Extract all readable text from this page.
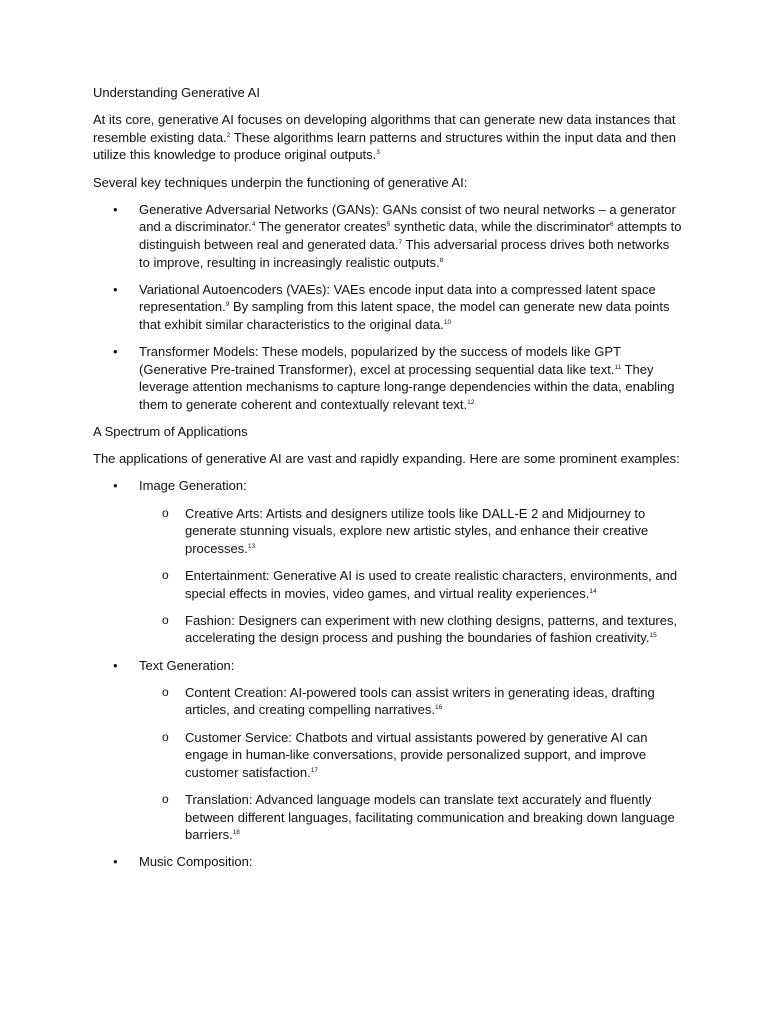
Understanding Generative AI

At its core, generative AI focuses on developing algorithms that can generate new data instances that resemble existing data.$^2$ These algorithms learn patterns and structures within the input data and then utilize this knowledge to produce original outputs.$^3$

Several key techniques underpin the functioning of generative AI:

• Generative Adversarial Networks (GANs): GANs consist of two neural networks – a generator and a discriminator.$^4$ The generator creates$^5$ synthetic data, while the discriminator$^6$ attempts to distinguish between real and generated data.$^7$ This adversarial process drives both networks to improve, resulting in increasingly realistic outputs.$^8$
• Variational Autoencoders (VAEs): VAEs encode input data into a compressed latent space representation.$^9$ By sampling from this latent space, the model can generate new data points that exhibit similar characteristics to the original data.$^{10}$
• Transformer Models: These models, popularized by the success of models like GPT (Generative Pre-trained Transformer), excel at processing sequential data like text.$^{11}$ They leverage attention mechanisms to capture long-range dependencies within the data, enabling them to generate coherent and contextually relevant text.$^{12}$

A Spectrum of Applications

The applications of generative AI are vast and rapidly expanding. Here are some prominent examples:

• Image Generation:
o Creative Arts: Artists and designers utilize tools like DALL-E 2 and Midjourney to generate stunning visuals, explore new artistic styles, and enhance their creative processes.$^{13}$
o Entertainment: Generative AI is used to create realistic characters, environments, and special effects in movies, video games, and virtual reality experiences.$^{14}$
o Fashion: Designers can experiment with new clothing designs, patterns, and textures, accelerating the design process and pushing the boundaries of fashion creativity.$^{15}$
• Text Generation:
o Content Creation: AI-powered tools can assist writers in generating ideas, drafting articles, and creating compelling narratives.$^{16}$
o Customer Service: Chatbots and virtual assistants powered by generative AI can engage in human-like conversations, provide personalized support, and improve customer satisfaction.$^{17}$
o Translation: Advanced language models can translate text accurately and fluently between different languages, facilitating communication and breaking down language barriers.$^{18}$
• Music Composition:
